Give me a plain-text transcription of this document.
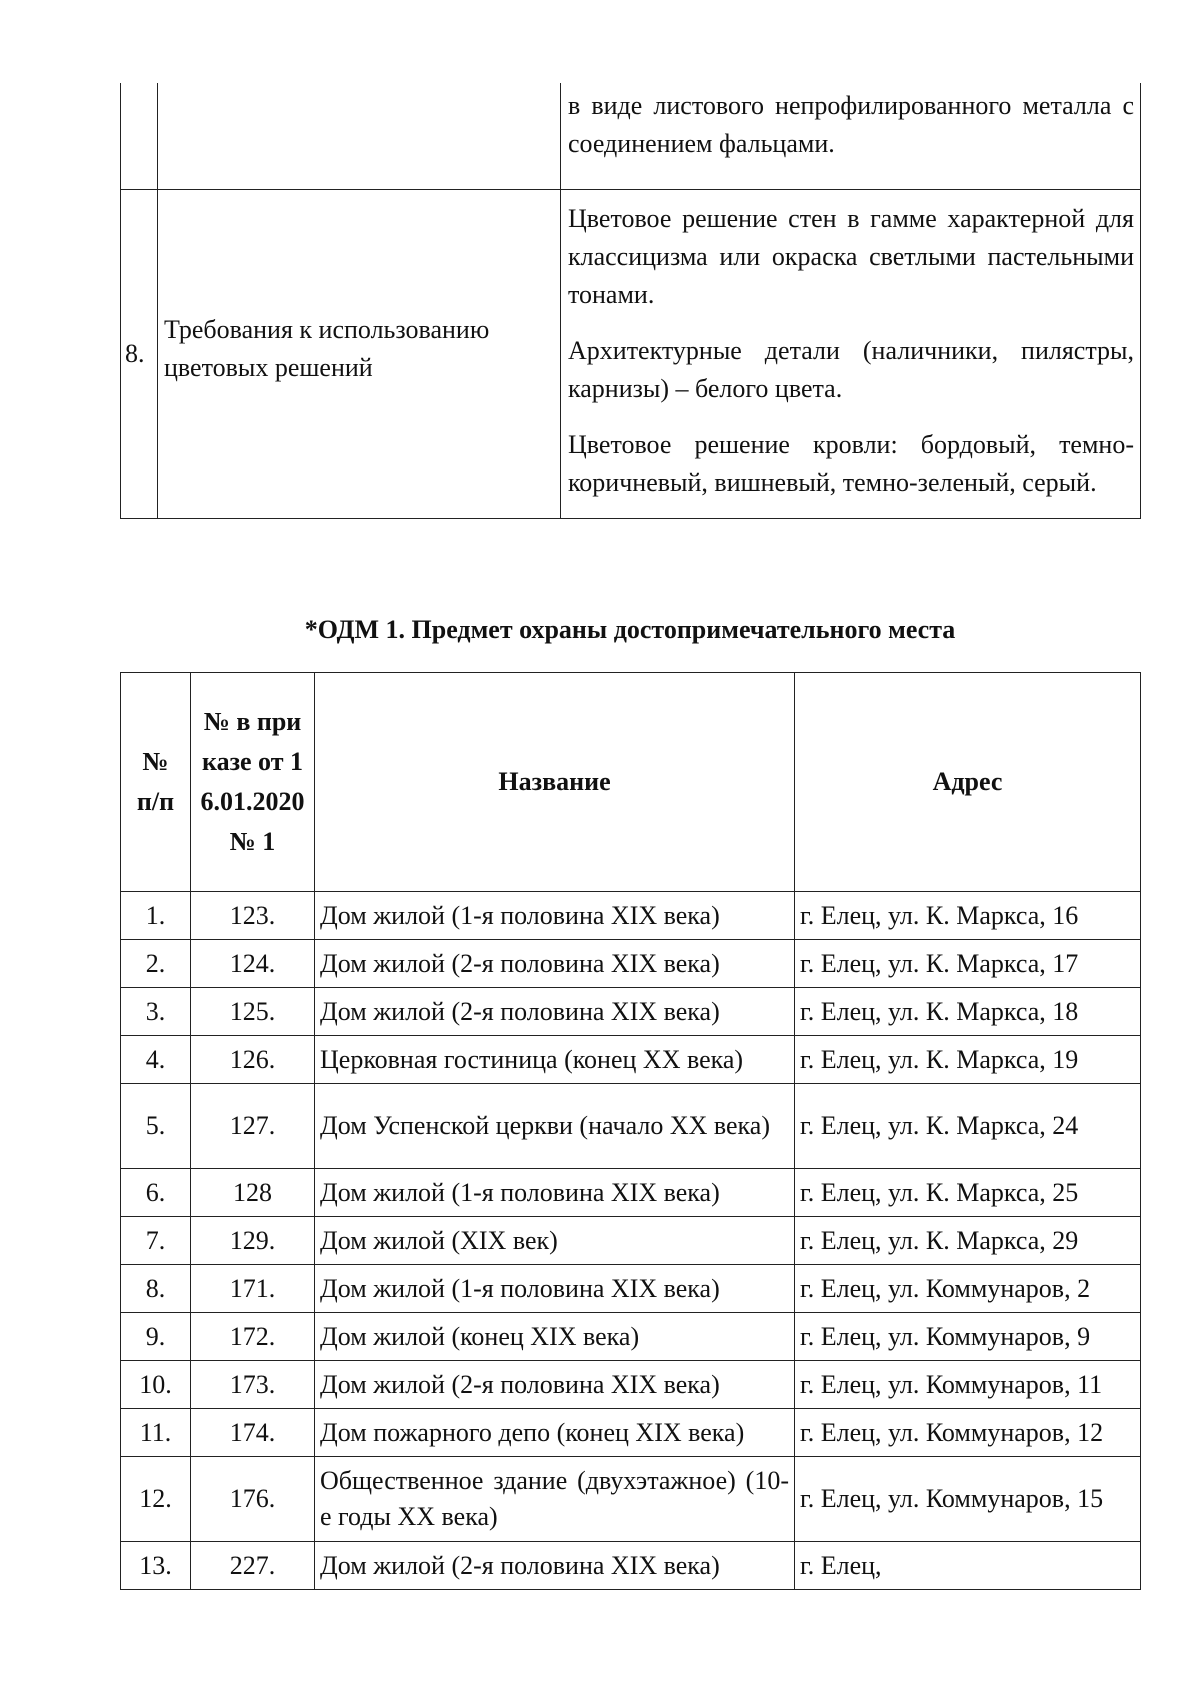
		в виде листового непрофилированного металла с соединением фальцами.

8.	Требования к использованию цветовых решений	Цветовое решение стен в гамме характерной для классицизма или окраска светлыми пастельными тонами.

Архитектурные детали (наличники, пилястры, карнизы) – белого цвета.

Цветовое решение кровли: бордовый, темно-коричневый, вишневый, темно-зеленый, серый.

*ОДМ 1. Предмет охраны достопримечательного места
№ п/п	№ в приказе от 16.01.2020 № 1	Название	Адрес
1.	123.	Дом жилой (1-я половина XIX века)	г. Елец, ул. К. Маркса, 16
2.	124.	Дом жилой (2-я половина XIX века)	г. Елец, ул. К. Маркса, 17
3.	125.	Дом жилой (2-я половина XIX века)	г. Елец, ул. К. Маркса, 18
4.	126.	Церковная гостиница (конец XX века)	г. Елец, ул. К. Маркса, 19
5.	127.	Дом Успенской церкви (начало XX века)	г. Елец, ул. К. Маркса, 24
6.	128	Дом жилой (1-я половина XIX века)	г. Елец, ул. К. Маркса, 25
7.	129.	Дом жилой (XIX век)	г. Елец, ул. К. Маркса, 29
8.	171.	Дом жилой (1-я половина XIX века)	г. Елец, ул. Коммунаров, 2
9.	172.	Дом жилой (конец XIX века)	г. Елец, ул. Коммунаров, 9
10.	173.	Дом жилой (2-я половина XIX века)	г. Елец, ул. Коммунаров, 11
11.	174.	Дом пожарного депо (конец XIX века)	г. Елец, ул. Коммунаров, 12
12.	176.	Общественное здание (двухэтажное) (10-е годы XX века)	г. Елец, ул. Коммунаров, 15
13.	227.	Дом жилой (2-я половина XIX века)	г. Елец,
